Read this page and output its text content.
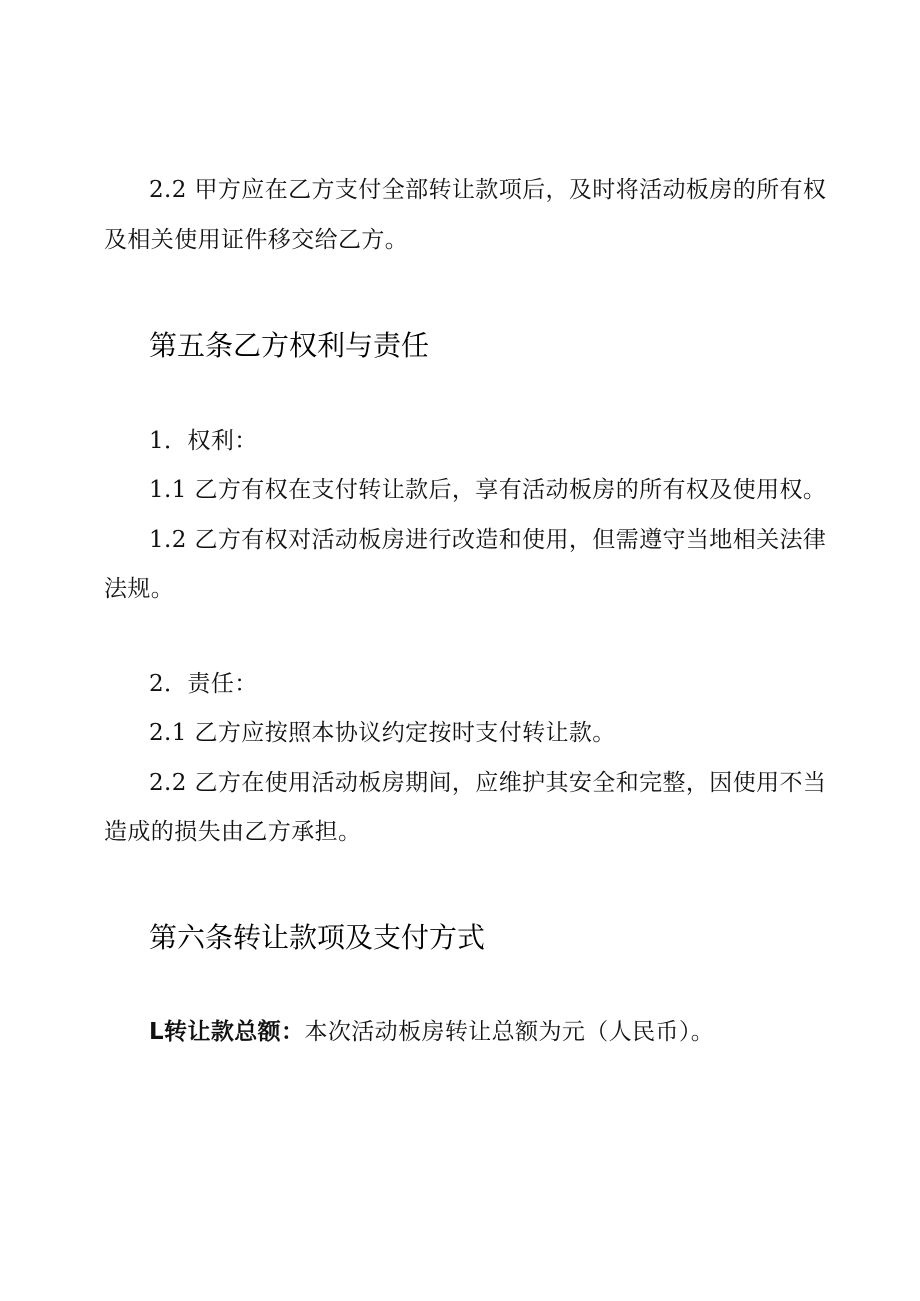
2.2 甲方应在乙方支付全部转让款项后，及时将活动板房的所有权
及相关使用证件移交给乙方。
第五条乙方权利与责任
1．权利：
1.1 乙方有权在支付转让款后，享有活动板房的所有权及使用权。
1.2 乙方有权对活动板房进行改造和使用，但需遵守当地相关法律
法规。
2．责任：
2.1 乙方应按照本协议约定按时支付转让款。
2.2 乙方在使用活动板房期间，应维护其安全和完整，因使用不当
造成的损失由乙方承担。
第六条转让款项及支付方式
L转让款总额：本次活动板房转让总额为元（人民币）。
